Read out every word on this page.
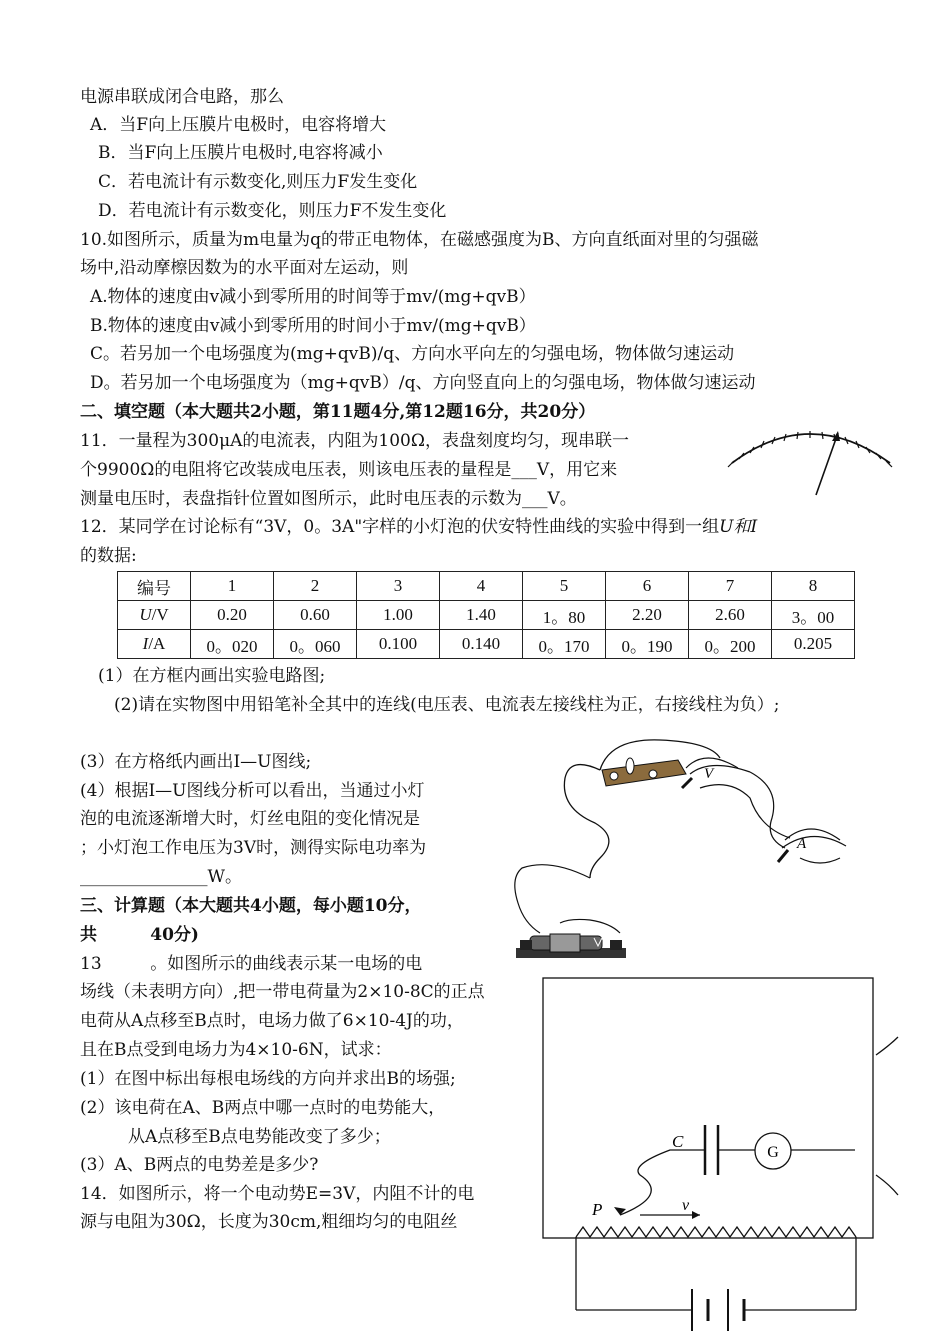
电源串联成闭合电路，那么
A．当F向上压膜片电极时，电容将增大
B．当F向上压膜片电极时,电容将减小
C．若电流计有示数变化,则压力F发生变化
D．若电流计有示数变化，则压力F不发生变化
10.如图所示，质量为m电量为q的带正电物体，在磁感强度为B、方向直纸面对里的匀强磁
场中,沿动摩檫因数为的水平面对左运动，则
A.物体的速度由v减小到零所用的时间等于mv/(mg+qvB）
B.物体的速度由v减小到零所用的时间小于mv/(mg+qvB）
C。若另加一个电场强度为(mg+qvB)/q、方向水平向左的匀强电场，物体做匀速运动
D。若另加一个电场强度为（mg+qvB）/q、方向竖直向上的匀强电场，物体做匀速运动
二、填空题（本大题共2小题，第11题4分,第12题16分，共20分）
11．一量程为300μA的电流表，内阻为100Ω，表盘刻度均匀，现串联一
个9900Ω的电阻将它改装成电压表，则该电压表的量程是___V，用它来
测量电压时，表盘指针位置如图所示，此时电压表的示数为___V。
12．某同学在讨论标有“3V，0。3A"字样的小灯泡的伏安特性曲线的实验中得到一组U和I
的数据:
编号	1	2	3	4	5	6	7	8
U/V	0.20	0.60	1.00	1.40	1。80	2.20	2.60	3。00
I/A	0。020	0。060	0.100	0.140	0。170	0。190	0。200	0.205
(1）在方框内画出实验电路图;
(2)请在实物图中用铅笔补全其中的连线(电压表、电流表左接线柱为正，右接线柱为负）;
(3）在方格纸内画出I—U图线;
(4）根据I—U图线分析可以看出，当通过小灯
泡的电流逐渐增大时，灯丝电阻的变化情况是
；小灯泡工作电压为3V时，测得实际电功率为
_______________W。
三、计算题（本大题共4小题，每小题10分，
共         40分)
13         。如图所示的曲线表示某一电场的电
场线（未表明方向）,把一带电荷量为2×10-8C的正点
电荷从A点移至B点时，电场力做了6×10-4J的功，
且在B点受到电场力为4×10-6N，试求：
(1）在图中标出每根电场线的方向并求出B的场强;
(2）该电荷在A、B两点中哪一点时的电势能大，
从A点移至B点电势能改变了多少；
(3）A、B两点的电势差是多少?
14．如图所示，将一个电动势E=3V，内阻不计的电
源与电阻为30Ω，长度为30cm,粗细均匀的电阻丝
V
A
C
G
P	v
